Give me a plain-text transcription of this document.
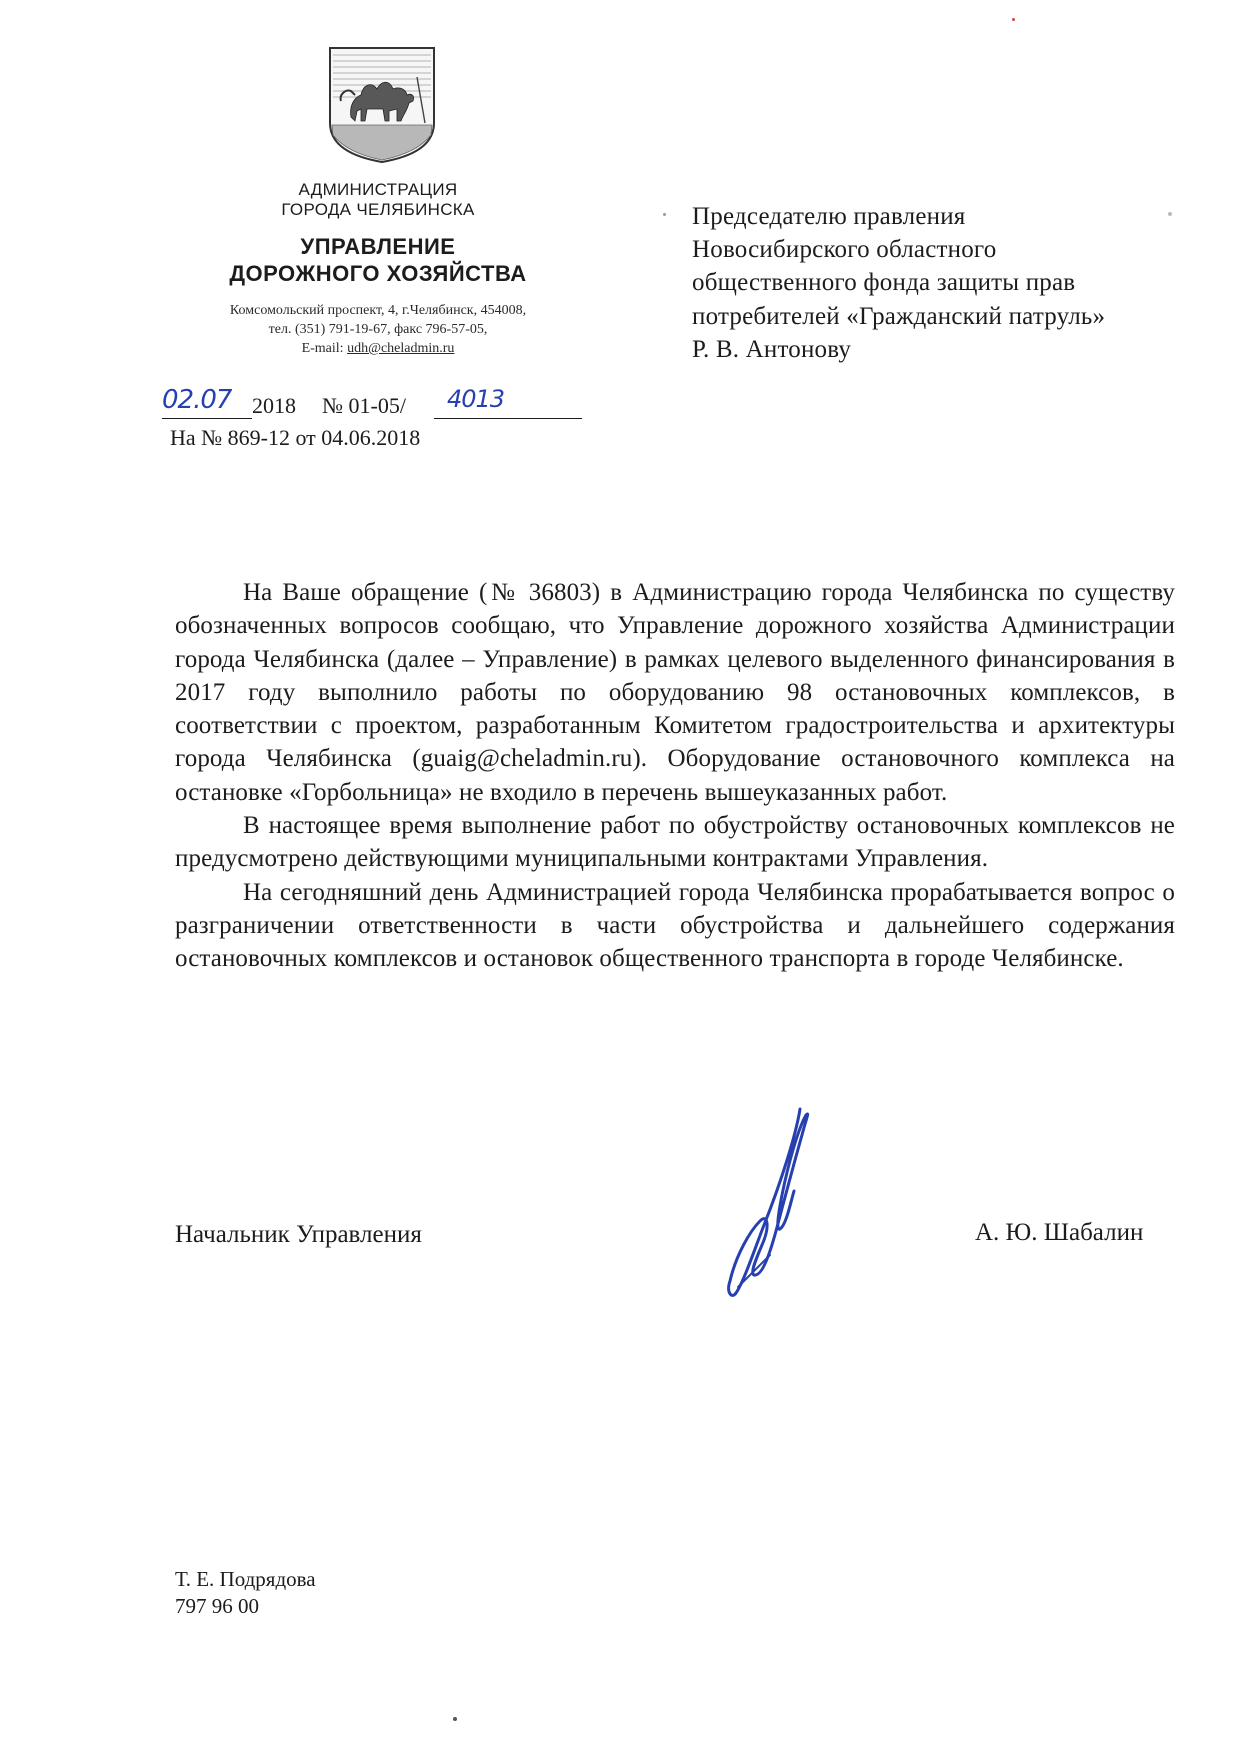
АДМИНИСТРАЦИЯ
ГОРОДА ЧЕЛЯБИНСКА
УПРАВЛЕНИЕ
ДОРОЖНОГО ХОЗЯЙСТВА
Комсомольский проспект, 4, г.Челябинск, 454008,
тел. (351) 791-19-67, факс 796-57-05,
E-mail: udh@cheladmin.ru
02.07 2018 № 01-05/ 4013
На № 869-12 от 04.06.2018
Председателю правления
Новосибирского областного
общественного фонда защиты прав
потребителей «Гражданский патруль»
Р. В. Антонову

На Ваше обращение (№ 36803) в Администрацию города Челябинска по существу обозначенных вопросов сообщаю, что Управление дорожного хозяйства Администрации города Челябинска (далее – Управление) в рамках целевого выделенного финансирования в 2017 году выполнило работы по оборудованию 98 остановочных комплексов, в соответствии с проектом, разработанным Комитетом градостроительства и архитектуры города Челябинска (guaig@cheladmin.ru). Оборудование остановочного комплекса на остановке «Горбольница» не входило в перечень вышеуказанных работ.

В настоящее время выполнение работ по обустройству остановочных комплексов не предусмотрено действующими муниципальными контрактами Управления.

На сегодняшний день Администрацией города Челябинска прорабатывается вопрос о разграничении ответственности в части обустройства и дальнейшего содержания остановочных комплексов и остановок общественного транспорта в городе Челябинске.

Начальник Управления	А. Ю. Шабалин
Т. Е. Подрядова
797 96 00
